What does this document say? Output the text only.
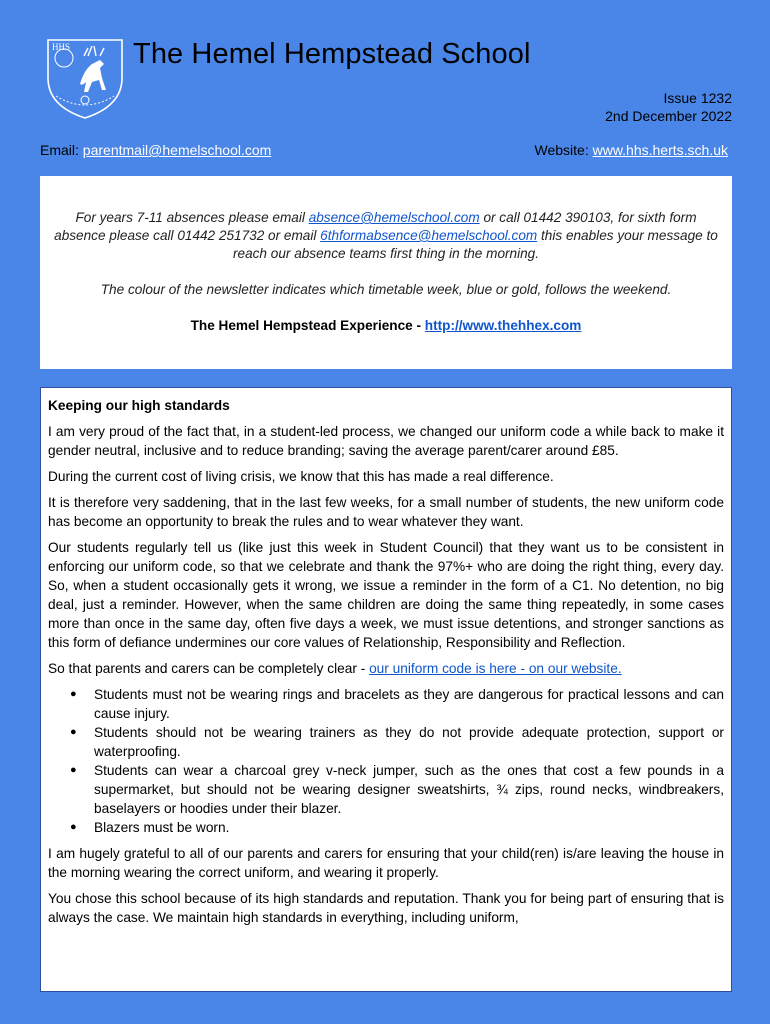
HHS The Hemel Hempstead School
Issue 1232
2nd December 2022
Email: parentmail@hemelschool.com	Website: www.hhs.herts.sch.uk

For years 7-11 absences please email absence@hemelschool.com or call 01442 390103, for sixth form absence please call 01442 251732 or email 6thformabsence@hemelschool.com this enables your message to reach our absence teams first thing in the morning.

The colour of the newsletter indicates which timetable week, blue or gold, follows the weekend.

The Hemel Hempstead Experience - http://www.thehhex.com

Keeping our high standards

I am very proud of the fact that, in a student-led process, we changed our uniform code a while back to make it gender neutral, inclusive and to reduce branding; saving the average parent/carer around £85.

During the current cost of living crisis, we know that this has made a real difference.

It is therefore very saddening, that in the last few weeks, for a small number of students, the new uniform code has become an opportunity to break the rules and to wear whatever they want.

Our students regularly tell us (like just this week in Student Council) that they want us to be consistent in enforcing our uniform code, so that we celebrate and thank the 97%+ who are doing the right thing, every day. So, when a student occasionally gets it wrong, we issue a reminder in the form of a C1. No detention, no big deal, just a reminder. However, when the same children are doing the same thing repeatedly, in some cases more than once in the same day, often five days a week, we must issue detentions, and stronger sanctions as this form of defiance undermines our core values of Relationship, Responsibility and Reflection.

So that parents and carers can be completely clear - our uniform code is here - on our website.

● Students must not be wearing rings and bracelets as they are dangerous for practical lessons and can cause injury.
● Students should not be wearing trainers as they do not provide adequate protection, support or waterproofing.
● Students can wear a charcoal grey v-neck jumper, such as the ones that cost a few pounds in a supermarket, but should not be wearing designer sweatshirts, ¾ zips, round necks, windbreakers, baselayers or hoodies under their blazer.
● Blazers must be worn.

I am hugely grateful to all of our parents and carers for ensuring that your child(ren) is/are leaving the house in the morning wearing the correct uniform, and wearing it properly.

You chose this school because of its high standards and reputation. Thank you for being part of ensuring that is always the case. We maintain high standards in everything, including uniform,
